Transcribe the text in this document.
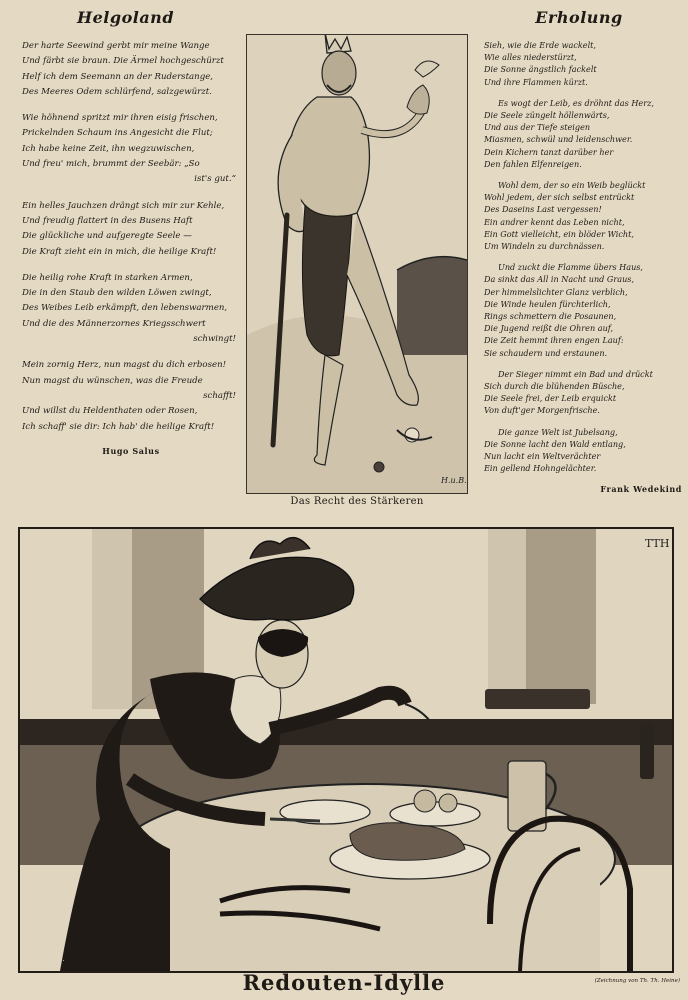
Helgoland
Der harte Seewind gerbt mir meine Wange
Und färbt sie braun. Die Ärmel hochgeschürzt
Helf ich dem Seemann an der Ruderstange,
Des Meeres Odem schlürfend, salzgewürzt.
Wie höhnend spritzt mir ihren eisig frischen,
Prickelnden Schaum ins Angesicht die Flut;
Ich habe keine Zeit, ihn wegzuwischen,
Und freu' mich, brummt der Seebär: „So
ist's gut.“
Ein helles Jauchzen drängt sich mir zur Kehle,
Und freudig flattert in des Busens Haft
Die glückliche und aufgeregte Seele —
Die Kraft zieht ein in mich, die heilige Kraft!
Die heilig rohe Kraft in starken Armen,
Die in den Staub den wilden Löwen zwingt,
Des Weibes Leib erkämpft, den lebenswarmen,
Und die des Männerzornes Kriegsschwert
schwingt!
Mein zornig Herz, nun magst du dich erbosen!
Nun magst du wünschen, was die Freude
schafft!
Und willst du Heldenthaten oder Rosen,
Ich schaff' sie dir: Ich hab' die heilige Kraft!
Hugo Salus
H.u.B.
Das Recht des Stärkeren
Erholung
Sieh, wie die Erde wackelt,
Wie alles niederstürzt,
Die Sonne ängstlich fackelt
Und ihre Flammen kürzt.
Es wogt der Leib, es dröhnt das Herz,
Die Seele züngelt höllenwärts,
Und aus der Tiefe steigen
Miasmen, schwül und leidenschwer.
Dein Kichern tanzt darüber her
Den fahlen Elfenreigen.
Wohl dem, der so ein Weib beglückt
Wohl jedem, der sich selbst entrückt
Des Daseins Last vergessen!
Ein andrer kennt das Leben nicht,
Ein Gott vielleicht, ein blöder Wicht,
Um Windeln zu durchnässen.
Und zuckt die Flamme übers Haus,
Da sinkt das All in Nacht und Graus,
Der himmelslichter Glanz verblich,
Die Winde heulen fürchterlich,
Rings schmettern die Posaunen,
Die Jugend reißt die Ohren auf,
Die Zeit hemmt ihren engen Lauf:
Sie schaudern und erstaunen.
Der Sieger nimmt ein Bad und drückt
Sich durch die blühenden Büsche,
Die Seele frei, der Leib erquickt
Von duft'ger Morgenfrische.
Die ganze Welt ist Jubelsang,
Die Sonne lacht den Wald entlang,
Nun lacht ein Weltverächter
Ein gellend Hohngelächter.
Frank Wedekind
TTH
H.u.B.
Redouten-Idylle	(Zeichnung von Th. Th. Heine)
